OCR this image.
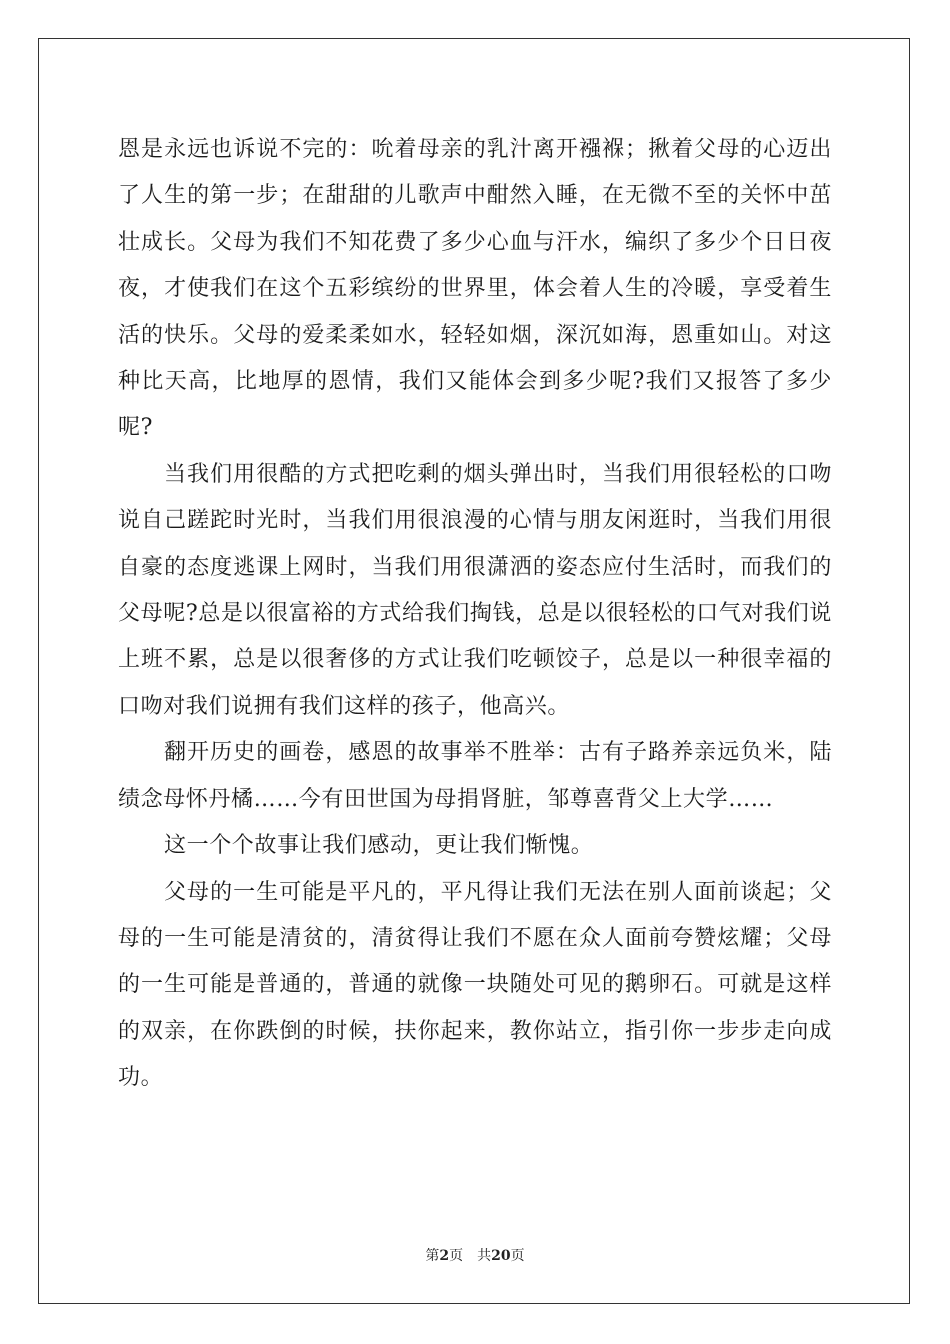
恩是永远也诉说不完的：吮着母亲的乳汁离开襁褓；揪着父母的心迈出了人生的第一步；在甜甜的儿歌声中酣然入睡，在无微不至的关怀中茁壮成长。父母为我们不知花费了多少心血与汗水，编织了多少个日日夜夜，才使我们在这个五彩缤纷的世界里，体会着人生的冷暖，享受着生活的快乐。父母的爱柔柔如水，轻轻如烟，深沉如海，恩重如山。对这种比天高，比地厚的恩情，我们又能体会到多少呢?我们又报答了多少呢?

当我们用很酷的方式把吃剩的烟头弹出时，当我们用很轻松的口吻说自己蹉跎时光时，当我们用很浪漫的心情与朋友闲逛时，当我们用很自豪的态度逃课上网时，当我们用很潇洒的姿态应付生活时，而我们的父母呢?总是以很富裕的方式给我们掏钱，总是以很轻松的口气对我们说上班不累，总是以很奢侈的方式让我们吃顿饺子，总是以一种很幸福的口吻对我们说拥有我们这样的孩子，他高兴。

翻开历史的画卷，感恩的故事举不胜举：古有子路养亲远负米，陆绩念母怀丹橘……今有田世国为母捐肾脏，邹尊喜背父上大学……

这一个个故事让我们感动，更让我们惭愧。

父母的一生可能是平凡的，平凡得让我们无法在别人面前谈起；父母的一生可能是清贫的，清贫得让我们不愿在众人面前夸赞炫耀；父母的一生可能是普通的，普通的就像一块随处可见的鹅卵石。可就是这样的双亲，在你跌倒的时候，扶你起来，教你站立，指引你一步步走向成功。

第2页 共20页
